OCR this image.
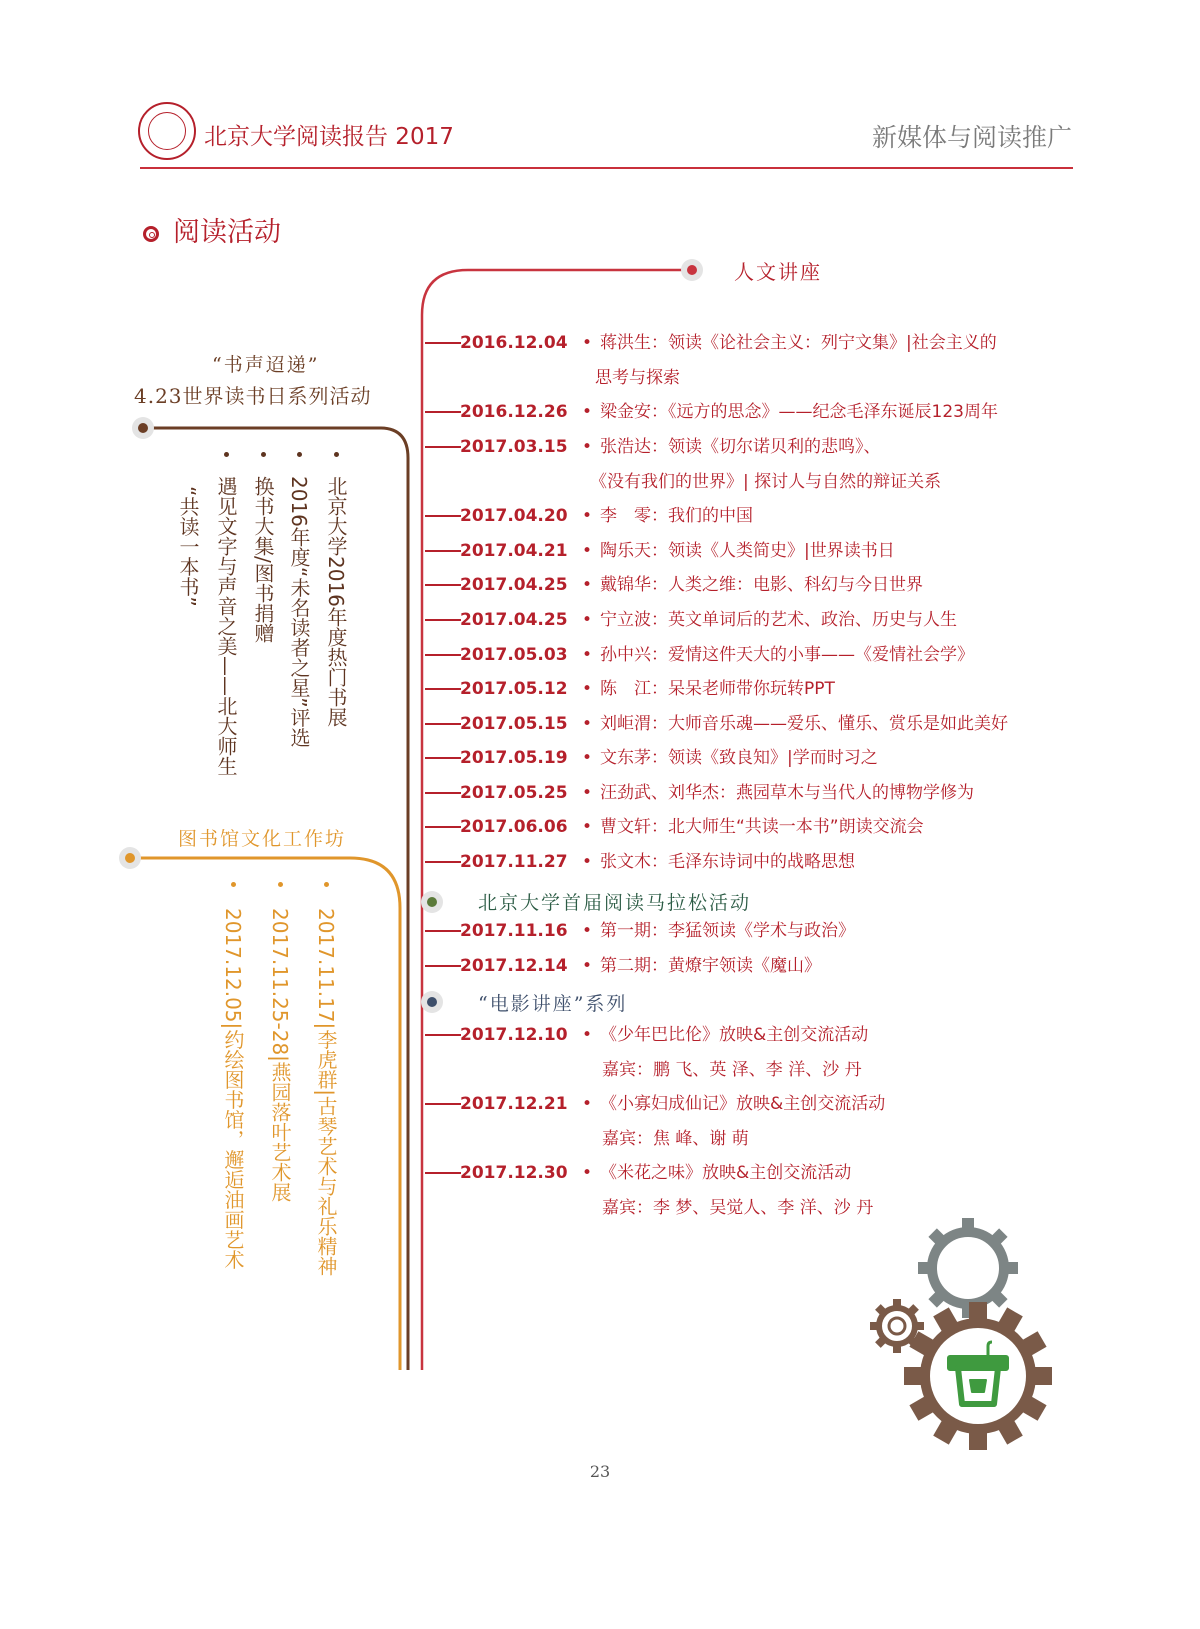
北京大学阅读报告 2017	新媒体与阅读推广
阅读活动
人文讲座
北京大学首届阅读马拉松活动
“电影讲座”系列
“书声迢递”
4.23世界读书日系列活动
图书馆文化工作坊
2016.12.04 • 蒋洪生：领读《论社会主义：列宁文集》|社会主义的
思考与探索
2016.12.26 • 梁金安：《远方的思念》——纪念毛泽东诞辰123周年
2017.03.15 • 张浩达：领读《切尔诺贝利的悲鸣》、
《没有我们的世界》| 探讨人与自然的辩证关系
2017.04.20 • 李　零：我们的中国
2017.04.21 • 陶乐天：领读《人类简史》|世界读书日
2017.04.25 • 戴锦华：人类之维：电影、科幻与今日世界
2017.04.25 • 宁立波：英文单词后的艺术、政治、历史与人生
2017.05.03 • 孙中兴：爱情这件天大的小事——《爱情社会学》
2017.05.12 • 陈　江：呆呆老师带你玩转PPT
2017.05.15 • 刘岠渭：大师音乐魂——爱乐、懂乐、赏乐是如此美好
2017.05.19 • 文东茅：领读《致良知》|学而时习之
2017.05.25 • 汪劲武、刘华杰：燕园草木与当代人的博物学修为
2017.06.06 • 曹文轩：北大师生“共读一本书”朗读交流会
2017.11.27 • 张文木：毛泽东诗词中的战略思想
2017.11.16 • 第一期：李猛领读《学术与政治》
2017.12.14 • 第二期：黄燎宇领读《魔山》
2017.12.10 • 《少年巴比伦》放映&主创交流活动
嘉宾：鹏 飞、英 泽、李 洋、沙 丹
2017.12.21 • 《小寡妇成仙记》放映&主创交流活动
嘉宾：焦 峰、谢 萌
2017.12.30 • 《米花之味》放映&主创交流活动
嘉宾：李 梦、吴觉人、李 洋、沙 丹
北京大学2016年度热门书展
2016年度“未名读者之星”评选
换书大集/图书捐赠
遇见文字与声音之美——北大师生
“共读一本书”
2017.11.17|李虎群|古琴艺术与礼乐精神
2017.11.25-28|燕园落叶艺术展
2017.12.05|约绘图书馆，邂逅油画艺术
23
